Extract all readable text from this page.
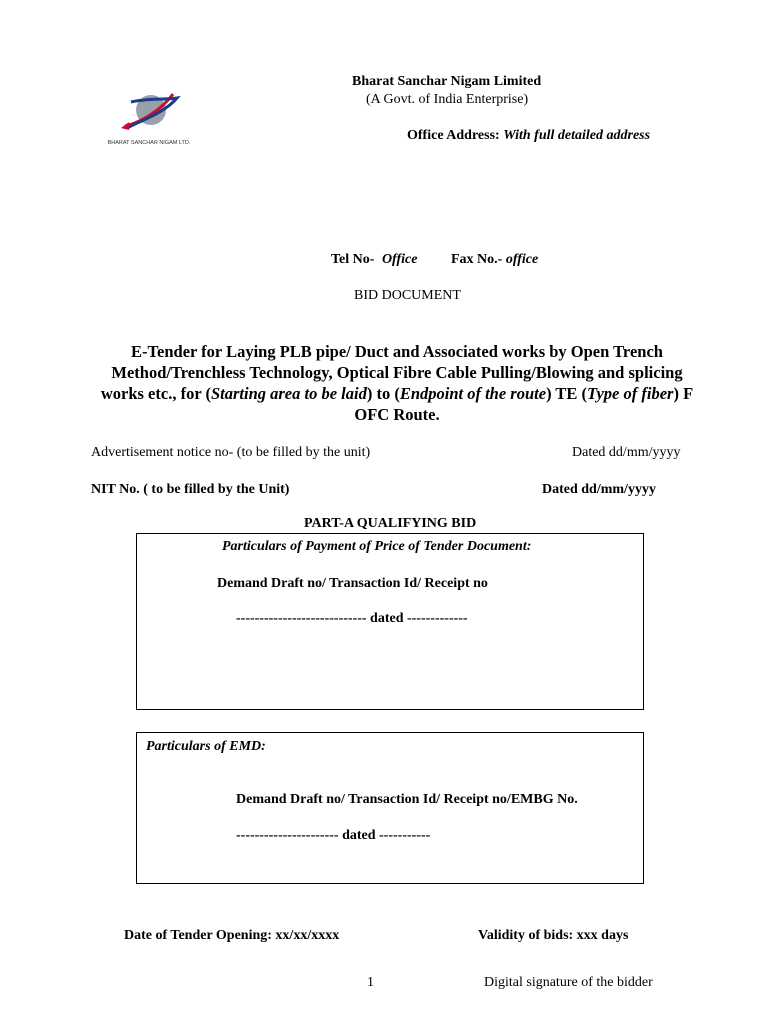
BHARAT SANCHAR NIGAM LTD.
Bharat Sanchar Nigam Limited
(A Govt. of India Enterprise)
Office Address: With full detailed address
Tel No- Office Fax No.- office
BID DOCUMENT
E-Tender for Laying PLB pipe/ Duct and Associated works by Open Trench Method/Trenchless Technology, Optical Fibre Cable Pulling/Blowing and splicing works etc., for (Starting area to be laid) to (Endpoint of the route) TE (Type of fiber) F OFC Route.
Advertisement notice no- (to be filled by the unit)	Dated dd/mm/yyyy
NIT No. ( to be filled by the Unit)	Dated dd/mm/yyyy
PART-A QUALIFYING BID
Particulars of Payment of Price of Tender Document:
Demand Draft no/ Transaction Id/ Receipt no
---------------------------- dated -------------
Particulars of EMD:
Demand Draft no/ Transaction Id/ Receipt no/EMBG No.
---------------------- dated -----------
Date of Tender Opening: xx/xx/xxxx	Validity of bids: xxx days
1	Digital signature of the bidder
